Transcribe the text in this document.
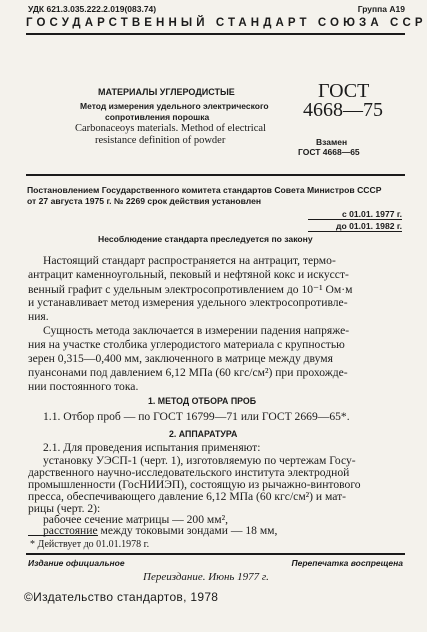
УДК 621.3.035.222.2.019(083.74)	Группа А19
ГОСУДАРСТВЕННЫЙ СТАНДАРТ СОЮЗА ССР
МАТЕРИАЛЫ УГЛЕРОДИСТЫЕ
Метод измерения удельного электрического
сопротивления порошка
Carbonaceoys materials. Method of electrical
resistance definition of powder
ГОСТ
4668—75
Взамен
ГОСТ 4668—65
Постановлением Государственного комитета стандартов Совета Министров СССР
от 27 августа 1975 г. № 2269 срок действия установлен
с 01.01. 1977 г.
до 01.01. 1982 г.
Несоблюдение стандарта преследуется по закону
Настоящий стандарт распространяется на антрацит, термо-
антрацит каменноугольный, пековый и нефтяной кокс и искусст-
венный графит с удельным электросопротивлением до 10⁻¹ Ом·м
и устанавливает метод измерения удельного электросопротивле-
ния.
Сущность метода заключается в измерении падения напряже-
ния на участке столбика углеродистого материала с крупностью
зерен 0,315—0,400 мм, заключенного в матрице между двумя
пуансонами под давлением 6,12 МПа (60 кгс/см²) при прохожде-
нии постоянного тока.
1. МЕТОД ОТБОРА ПРОБ
1.1. Отбор проб — по ГОСТ 16799—71 или ГОСТ 2669—65*.
2. АППАРАТУРА
2.1. Для проведения испытания применяют:
установку УЭСП-1 (черт. 1), изготовляемую по чертежам Госу-
дарственного научно-исследовательского института электродной
промышленности (ГосНИИЭП), состоящую из рычажно-винтового
пресса, обеспечивающего давление 6,12 МПа (60 кгс/см²) и мат-
рицы (черт. 2):
* Действует до 01.01.1978 г.
Издание официальное	Перепечатка воспрещена
Переиздание. Июнь 1977 г.
©Издательство стандартов, 1978
рабочее сечение матрицы — 200 мм²,
расстояние между токовыми зондами — 18 мм,
